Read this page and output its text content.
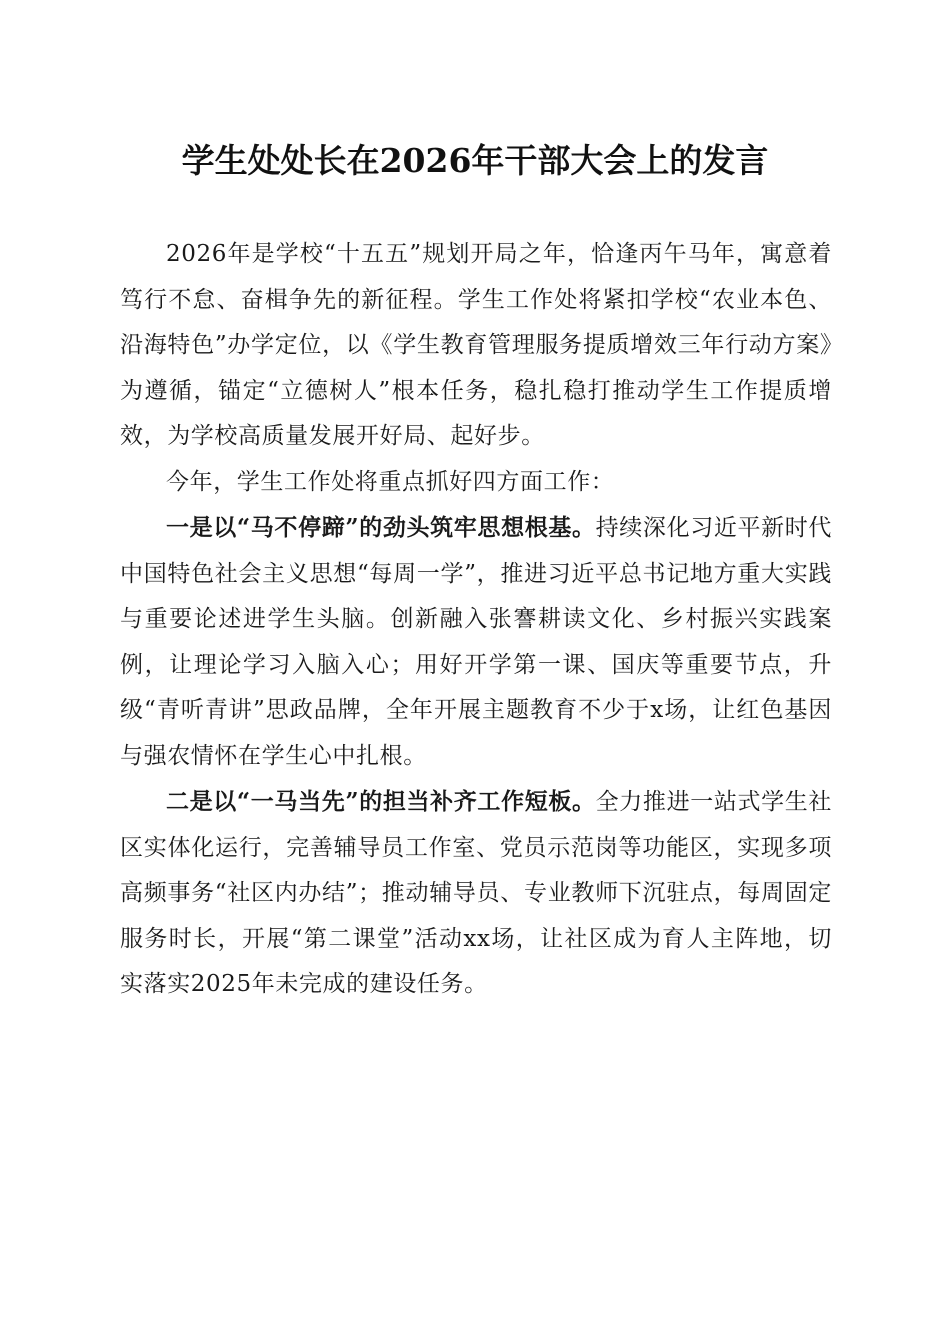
学生处处长在2026年干部大会上的发言

2026年是学校“十五五”规划开局之年，恰逢丙午马年，寓意着笃行不怠、奋楫争先的新征程。学生工作处将紧扣学校“农业本色、沿海特色”办学定位，以《学生教育管理服务提质增效三年行动方案》为遵循，锚定“立德树人”根本任务，稳扎稳打推动学生工作提质增效，为学校高质量发展开好局、起好步。

今年，学生工作处将重点抓好四方面工作：

一是以“马不停蹄”的劲头筑牢思想根基。持续深化习近平新时代中国特色社会主义思想“每周一学”，推进习近平总书记地方重大实践与重要论述进学生头脑。创新融入张謇耕读文化、乡村振兴实践案例，让理论学习入脑入心；用好开学第一课、国庆等重要节点，升级“青听青讲”思政品牌，全年开展主题教育不少于x场，让红色基因与强农情怀在学生心中扎根。

二是以“一马当先”的担当补齐工作短板。全力推进一站式学生社区实体化运行，完善辅导员工作室、党员示范岗等功能区，实现多项高频事务“社区内办结”；推动辅导员、专业教师下沉驻点，每周固定服务时长，开展“第二课堂”活动xx场，让社区成为育人主阵地，切实落实2025年未完成的建设任务。
